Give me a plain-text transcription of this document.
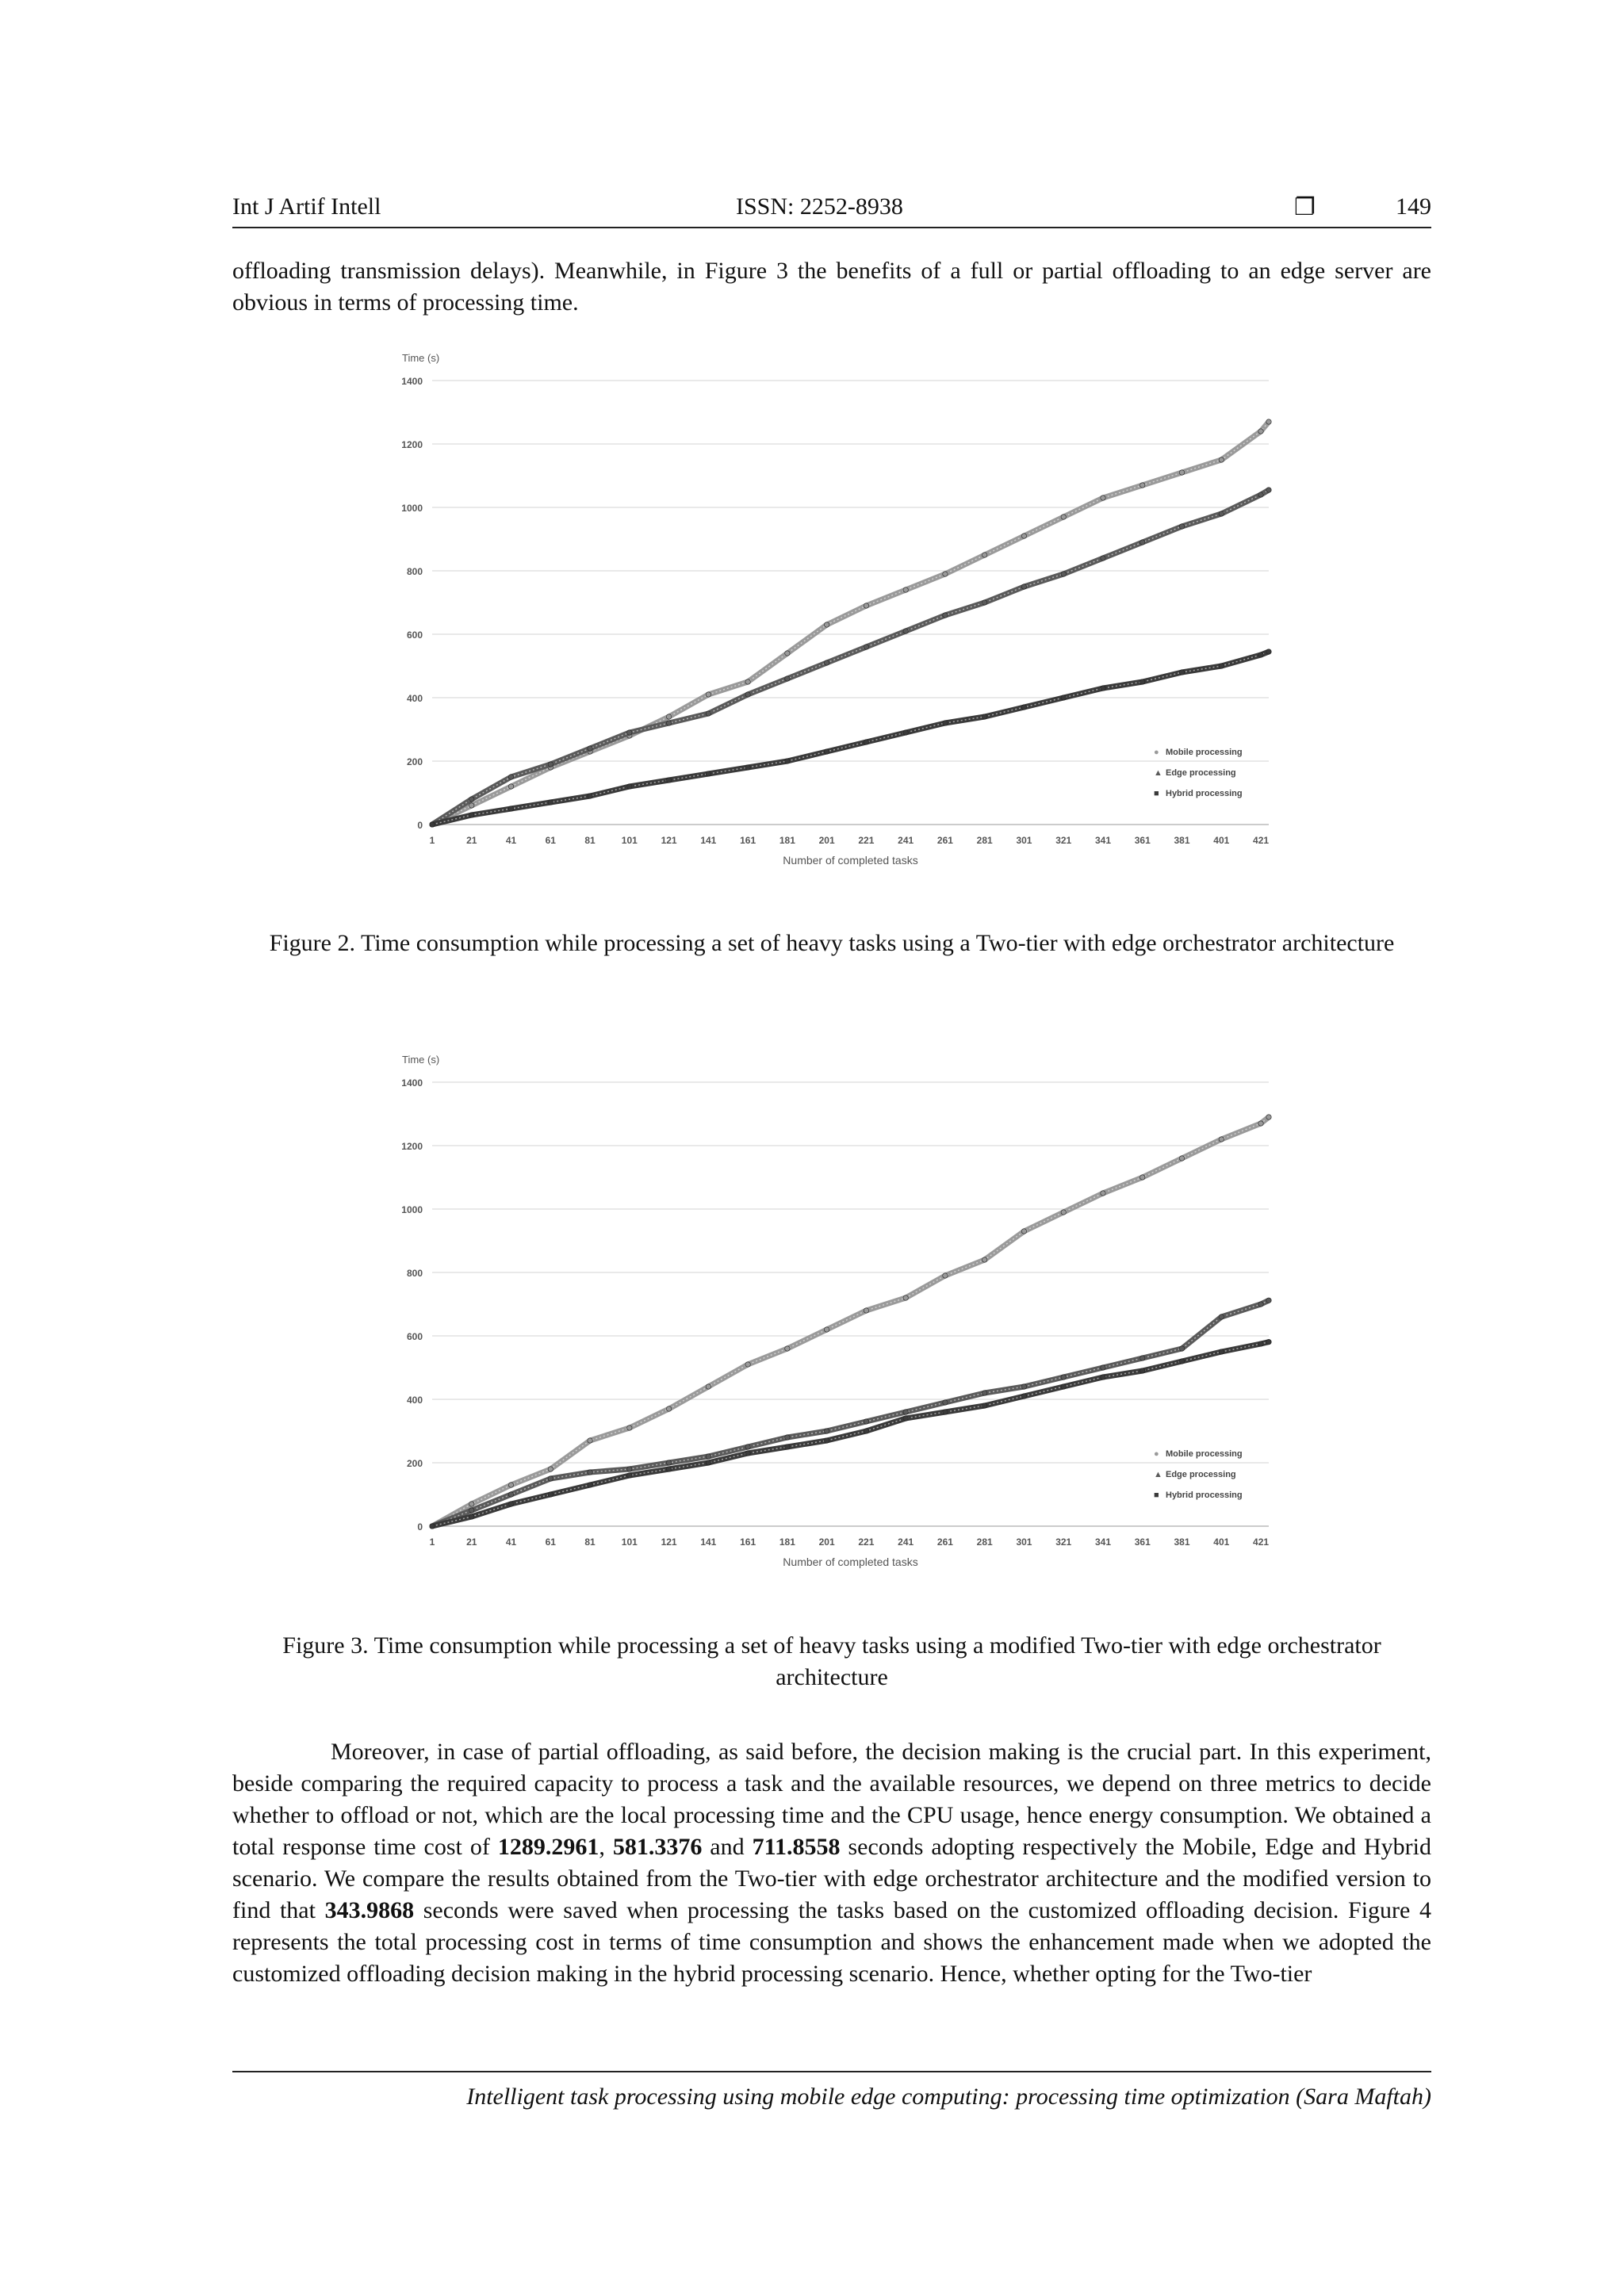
Int J Artif Intell	ISSN: 2252-8938	❐	149
offloading transmission delays). Meanwhile, in Figure 3 the benefits of a full or partial offloading to an edge server are obvious in terms of processing time.
0
200
400
600
800
1000
1200
1400
1	21	41	61	81	101 121 141 161 181 201 221 241 261 281 301 321 341 361 381 401 421
Time (s)
Number of completed tasks
● Mobile processing
▲ Edge processing
■ Hybrid processing
Figure 2. Time consumption while processing a set of heavy tasks using a Two-tier with edge orchestrator architecture
0
200
400
600
800
1000
1200
1400
1	21	41	61	81	101 121 141 161 181 201 221 241 261 281 301 321 341 361 381 401 421
Time (s)
Number of completed tasks
● Mobile processing
▲ Edge processing
■ Hybrid processing
Figure 3. Time consumption while processing a set of heavy tasks using a modified Two-tier with edge orchestrator architecture
Moreover, in case of partial offloading, as said before, the decision making is the crucial part. In this experiment, beside comparing the required capacity to process a task and the available resources, we depend on three metrics to decide whether to offload or not, which are the local processing time and the CPU usage, hence energy consumption. We obtained a total response time cost of 1289.2961, 581.3376 and 711.8558 seconds adopting respectively the Mobile, Edge and Hybrid scenario. We compare the results obtained from the Two-tier with edge orchestrator architecture and the modified version to find that 343.9868 seconds were saved when processing the tasks based on the customized offloading decision. Figure 4 represents the total processing cost in terms of time consumption and shows the enhancement made when we adopted the customized offloading decision making in the hybrid processing scenario. Hence, whether opting for the Two-tier
Intelligent task processing using mobile edge computing: processing time optimization (Sara Maftah)
